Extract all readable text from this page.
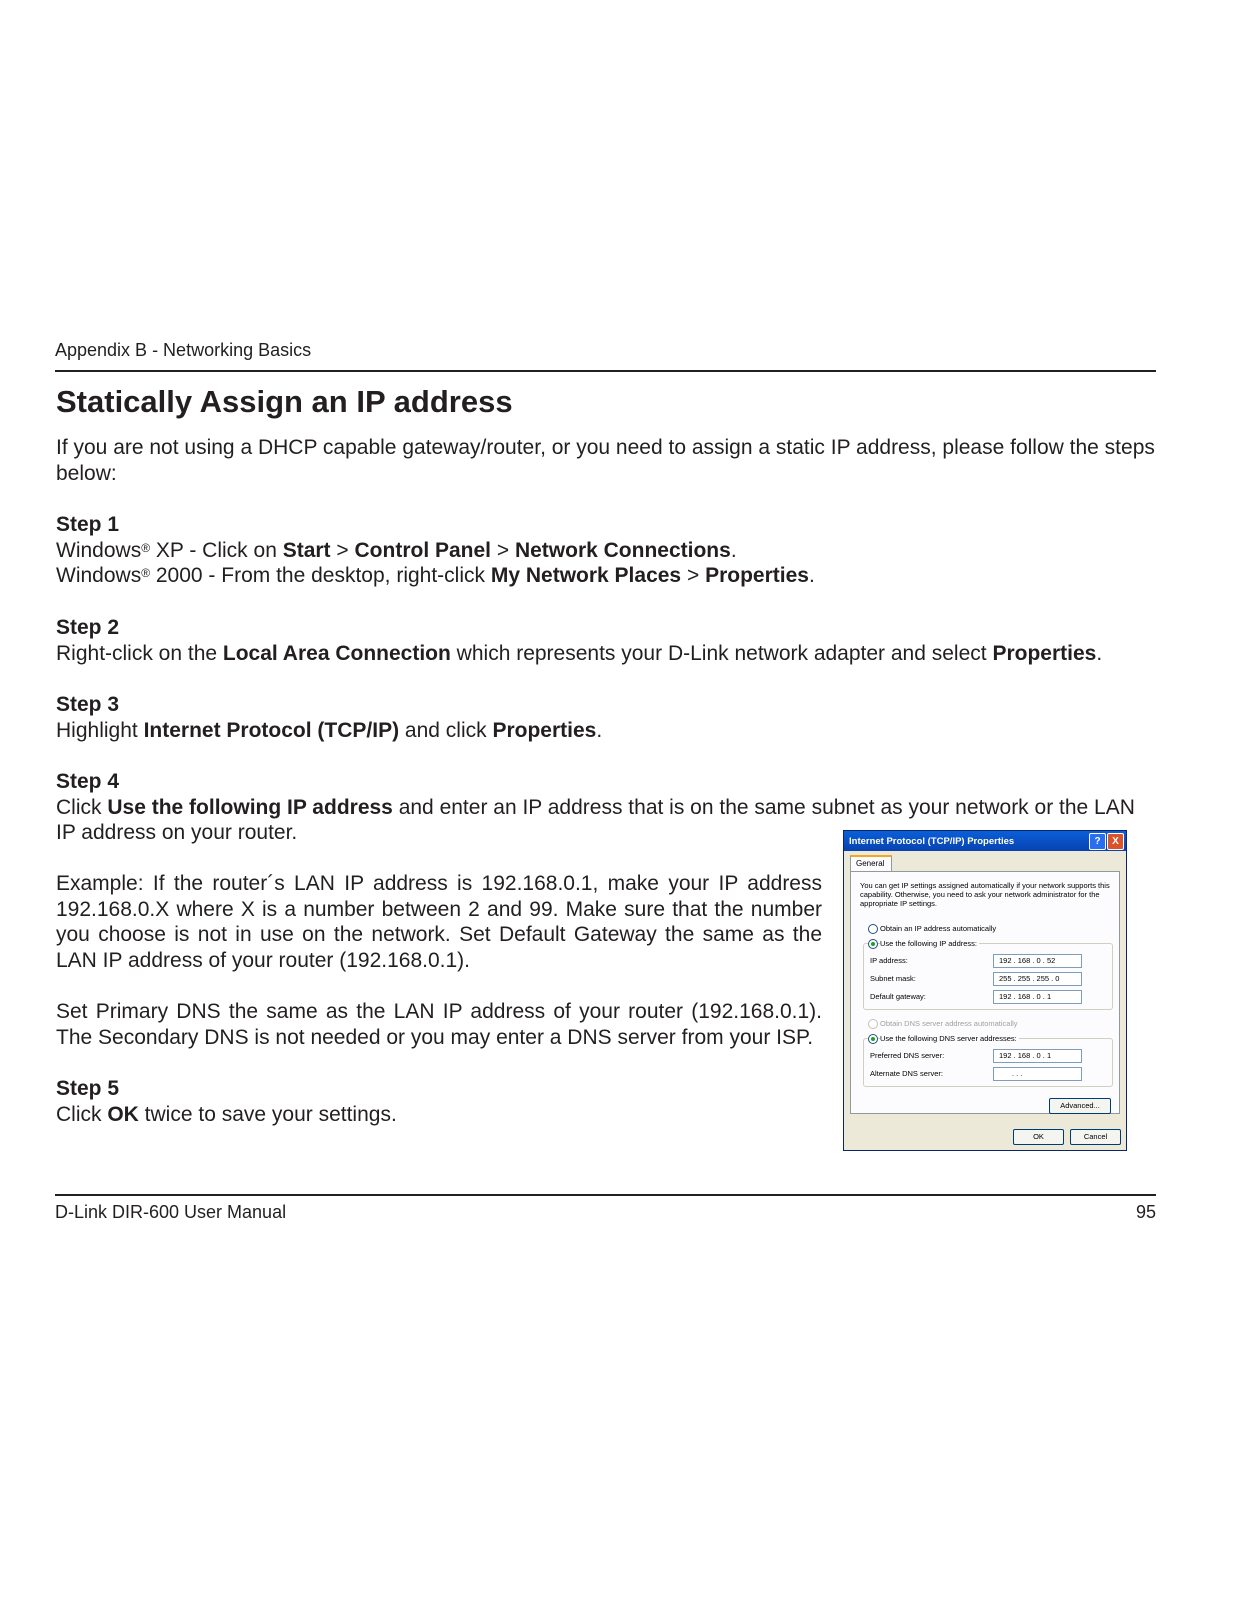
Appendix B - Networking Basics
Statically Assign an IP address
If you are not using a DHCP capable gateway/router, or you need to assign a static IP address, please follow the steps below:
Step 1
Windows® XP - Click on Start > Control Panel > Network Connections.
Windows® 2000 - From the desktop, right-click My Network Places > Properties.
Step 2
Right-click on the Local Area Connection which represents your D-Link network adapter and select Properties.
Step 3
Highlight Internet Protocol (TCP/IP) and click Properties.
Step 4
Click Use the following IP address and enter an IP address that is on the same subnet as your network or the LAN IP address on your router.
Example: If the router´s LAN IP address is 192.168.0.1, make your IP address 192.168.0.X where X is a number between 2 and 99. Make sure that the number you choose is not in use on the network. Set Default Gateway the same as the LAN IP address of your router (192.168.0.1).
Set Primary DNS the same as the LAN IP address of your router (192.168.0.1). The Secondary DNS is not needed or you may enter a DNS server from your ISP.
Step 5
Click OK twice to save your settings.
Internet Protocol (TCP/IP) Properties	?	X
General
You can get IP settings assigned automatically if your network supports this capability. Otherwise, you need to ask your network administrator for the appropriate IP settings.
Obtain an IP address automatically
Use the following IP address:
IP address:	192 . 168 . 0 . 52
Subnet mask:	255 . 255 . 255 . 0
Default gateway:	192 . 168 . 0 . 1
Obtain DNS server address automatically
Use the following DNS server addresses:
Preferred DNS server:	192 . 168 . 0 . 1
Alternate DNS server:	. . .
Advanced...
OK	Cancel
D-Link DIR-600 User Manual	95
